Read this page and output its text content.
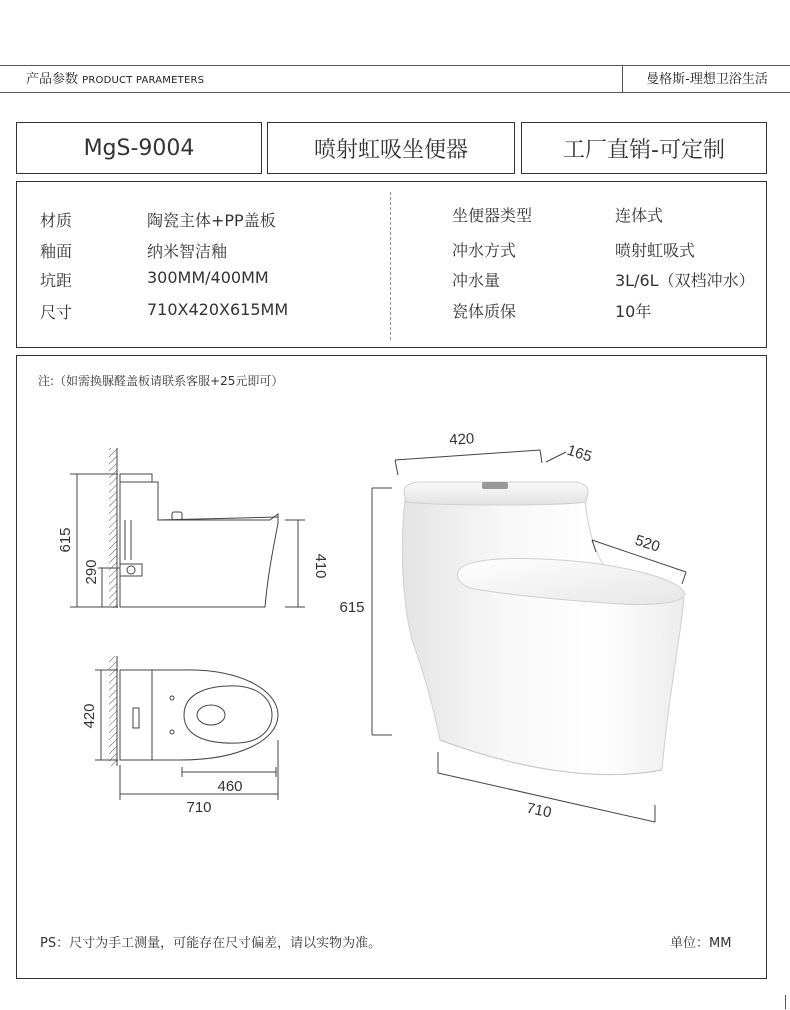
产品参数 PRODUCT PARAMETERS	曼格斯-理想卫浴生活
MgS-9004	喷射虹吸坐便器	工厂直销-可定制
材质	陶瓷主体+PP盖板
釉面	纳米智洁釉
坑距	300MM/400MM
尺寸	710X420X615MM
坐便器类型	连体式
冲水方式	喷射虹吸式
冲水量	3L/6L（双档冲水）
瓷体质保	10年
注:（如需换脲醛盖板请联系客服+25元即可）
615
290	410
420
460
710
420
165
520
615
710
PS：尺寸为手工测量，可能存在尺寸偏差，请以实物为准。	单位：MM
